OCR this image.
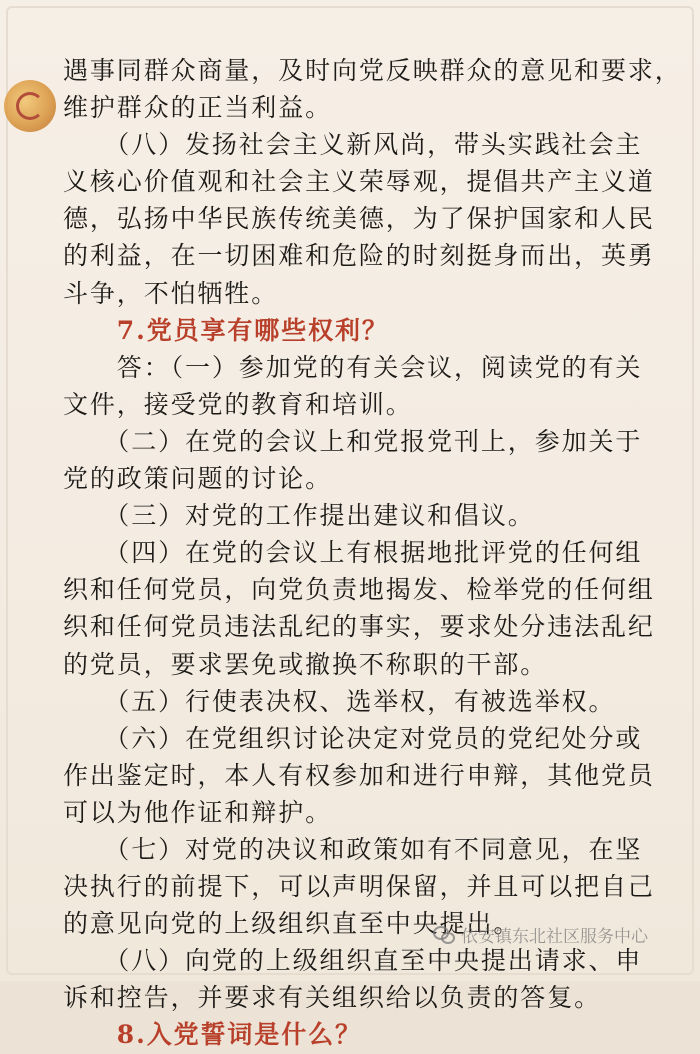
遇事同群众商量，及时向党反映群众的意见和要求，
维护群众的正当利益。
　　（八）发扬社会主义新风尚，带头实践社会主
义核心价值观和社会主义荣辱观，提倡共产主义道
德，弘扬中华民族传统美德，为了保护国家和人民
的利益，在一切困难和危险的时刻挺身而出，英勇
斗争，不怕牺牲。
　　7.党员享有哪些权利？
　　答：（一）参加党的有关会议，阅读党的有关
文件，接受党的教育和培训。
　　（二）在党的会议上和党报党刊上，参加关于
党的政策问题的讨论。
　　（三）对党的工作提出建议和倡议。
　　（四）在党的会议上有根据地批评党的任何组
织和任何党员，向党负责地揭发、检举党的任何组
织和任何党员违法乱纪的事实，要求处分违法乱纪
的党员，要求罢免或撤换不称职的干部。
　　（五）行使表决权、选举权，有被选举权。
　　（六）在党组织讨论决定对党员的党纪处分或
作出鉴定时，本人有权参加和进行申辩，其他党员
可以为他作证和辩护。
　　（七）对党的决议和政策如有不同意见，在坚
决执行的前提下，可以声明保留，并且可以把自己
的意见向党的上级组织直至中央提出。
　　（八）向党的上级组织直至中央提出请求、申
诉和控告，并要求有关组织给以负责的答复。
　　8.入党誓词是什么？
依安镇东北社区服务中心
